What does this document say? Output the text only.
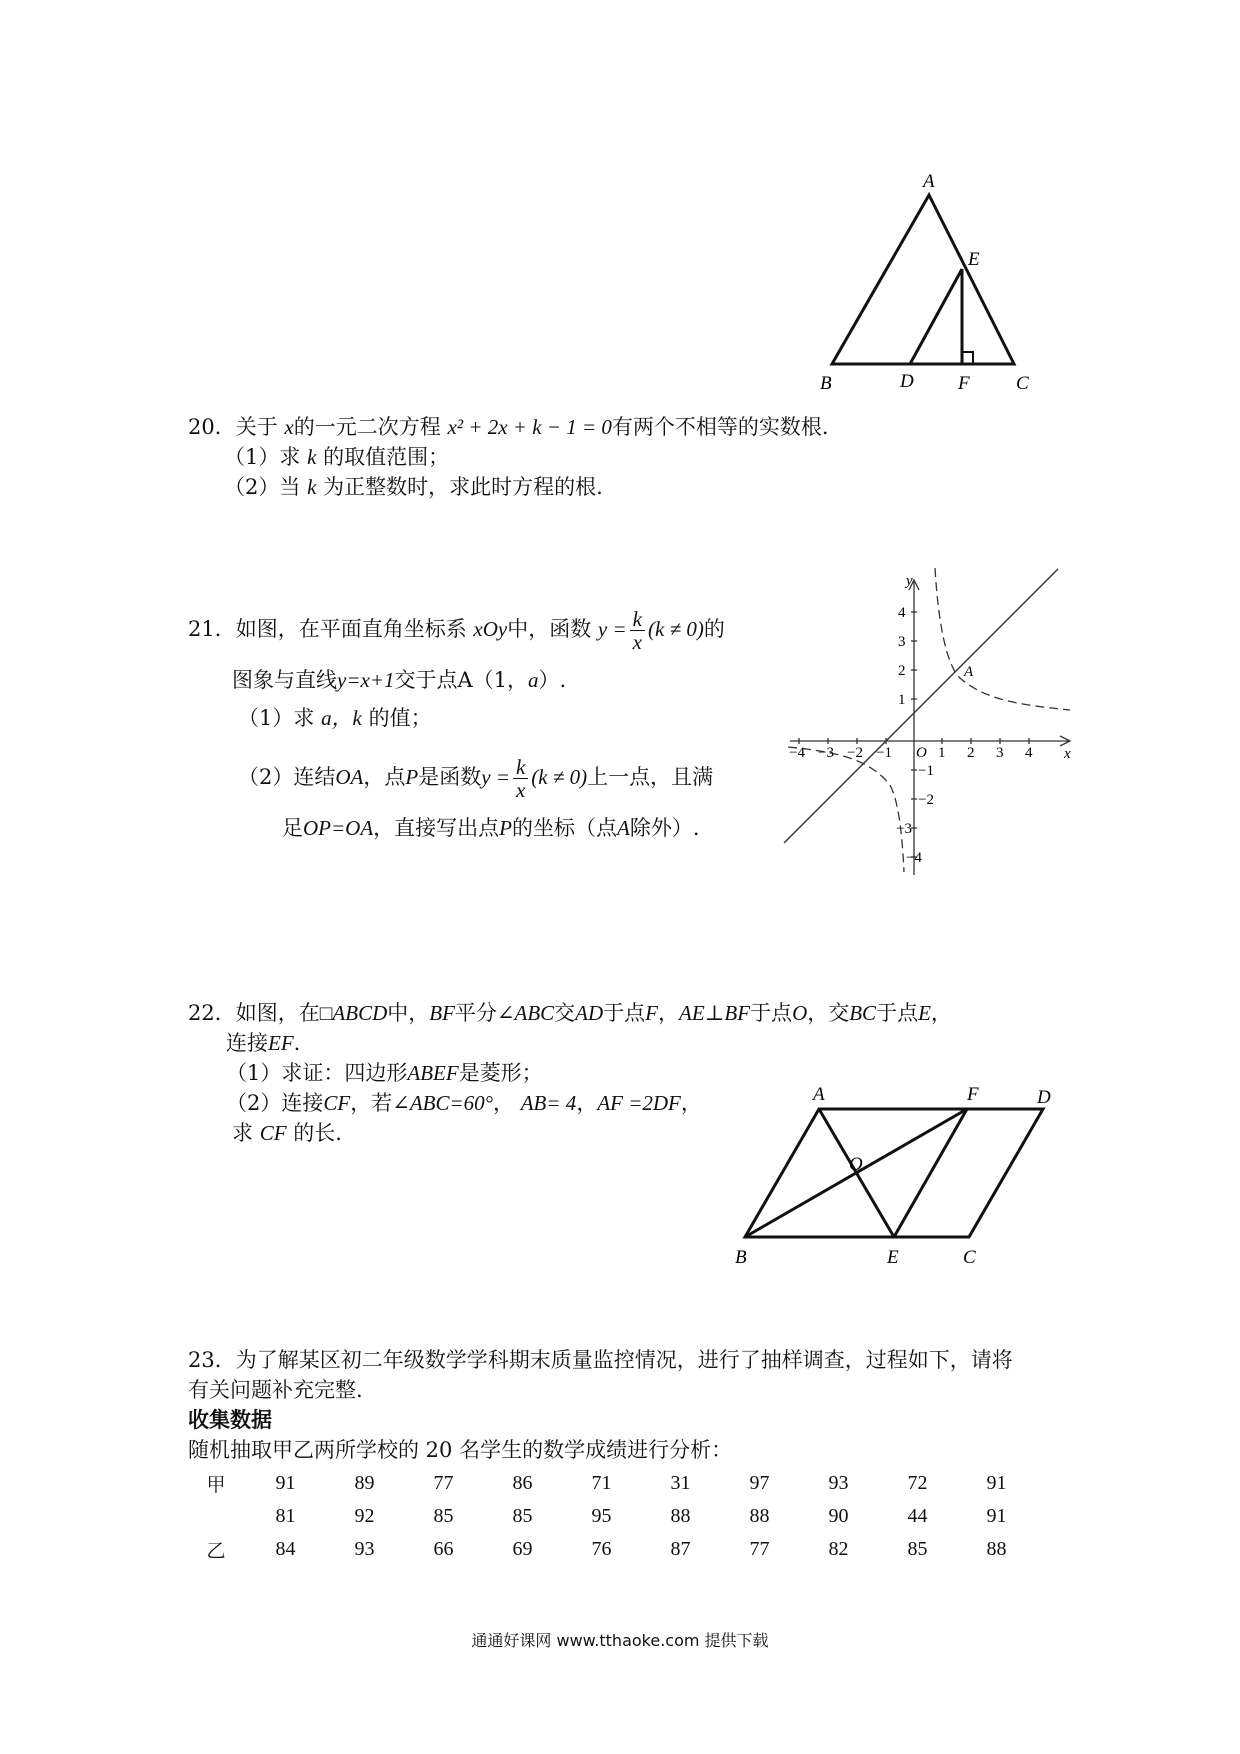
A
B	C
D
E
F
20．关于 x的一元二次方程 x² + 2x + k − 1 = 0有两个不相等的实数根.
（1）求 k 的取值范围；
（2）当 k 为正整数时，求此时方程的根.
21．如图，在平面直角坐标系 xOy中，函数 $y = \frac{k}{x} (k \ne 0)$的
图象与直线y=x+1交于点A（1，a）.
（1）求 a，k 的值；
（2）连结OA，点P是函数$y = \frac{k}{x} (k \ne 0)$上一点，且满
足OP=OA，直接写出点P的坐标（点A除外）.
y
x
O
A
−4 −3 −2 −1	1 2 3 4
4
3
2
1
−1
−2
−3
−4
22．如图，在□ABCD中，BF平分∠ABC交AD于点F，AE⊥BF于点O，交BC于点E，
连接EF.
（1）求证：四边形ABEF是菱形；
（2）连接CF，若∠ABC=60°， AB= 4，AF =2DF，
求 CF 的长.
A	F	D
O
B	E	C
23．为了解某区初二年级数学学科期末质量监控情况，进行了抽样调查，过程如下，请将
有关问题补充完整.
收集数据
随机抽取甲乙两所学校的 20 名学生的数学成绩进行分析：
甲	91	89	77	86	71	31	97	93	72	91
	81	92	85	85	95	88	88	90	44	91
乙	84	93	66	69	76	87	77	82	85	88
通通好课网 www.tthaoke.com 提供下载
